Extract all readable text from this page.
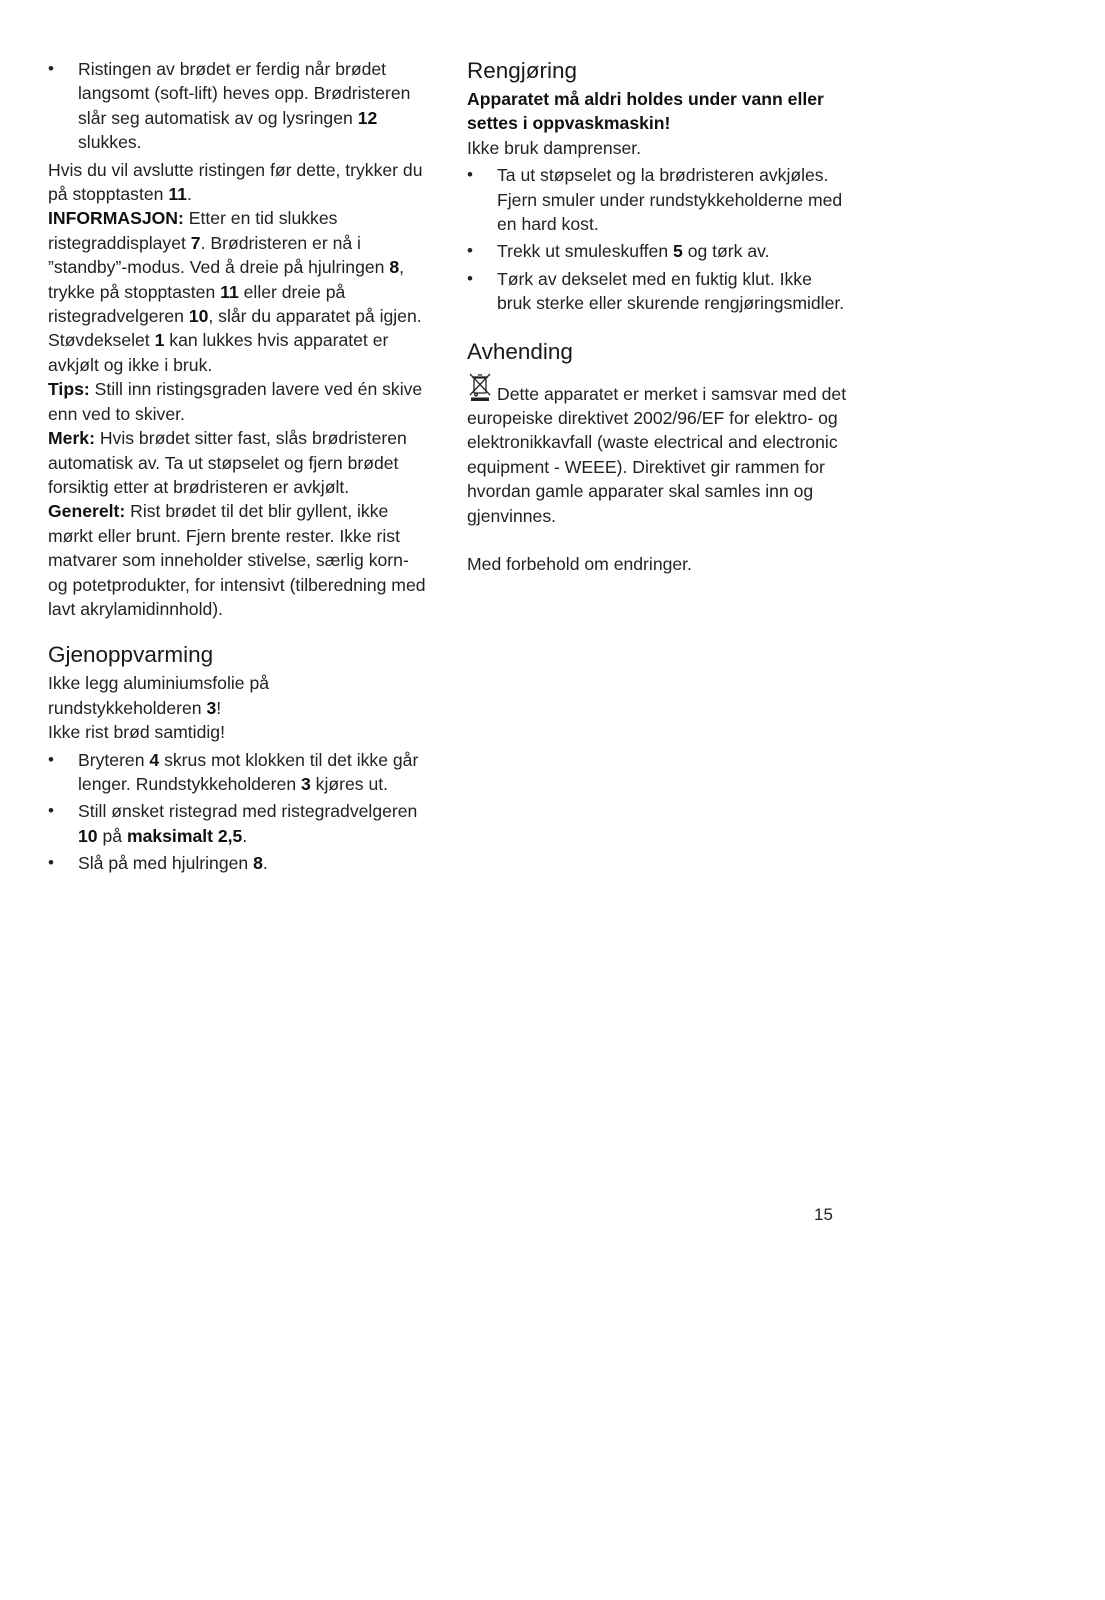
• Ristingen av brødet er ferdig når brødet langsomt (soft-lift) heves opp. Brødristeren slår seg automatisk av og lysringen 12 slukkes.

Hvis du vil avslutte ristingen før dette, trykker du på stopptasten 11.

INFORMASJON: Etter en tid slukkes ristegraddisplayet 7. Brødristeren er nå i ”standby”-modus. Ved å dreie på hjulringen 8, trykke på stopptasten 11 eller dreie på ristegradvelgeren 10, slår du apparatet på igjen.

Støvdekselet 1 kan lukkes hvis apparatet er avkjølt og ikke i bruk.

Tips: Still inn ristingsgraden lavere ved én skive enn ved to skiver.

Merk: Hvis brødet sitter fast, slås brødristeren automatisk av. Ta ut støpselet og fjern brødet forsiktig etter at brødristeren er avkjølt.

Generelt: Rist brødet til det blir gyllent, ikke mørkt eller brunt. Fjern brente rester. Ikke rist matvarer som inneholder stivelse, særlig korn- og potetprodukter, for intensivt (tilberedning med lavt akrylamidinnhold).

Gjenoppvarming

Ikke legg aluminiumsfolie på rundstykkeholderen 3!

Ikke rist brød samtidig!

• Bryteren 4 skrus mot klokken til det ikke går lenger. Rundstykkeholderen 3 kjøres ut.
• Still ønsket ristegrad med ristegradvelgeren 10 på maksimalt 2,5.
• Slå på med hjulringen 8.
Rengjøring

Apparatet må aldri holdes under vann eller settes i oppvaskmaskin!

Ikke bruk damprenser.

• Ta ut støpselet og la brødristeren avkjøles. Fjern smuler under rundstykkeholderne med en hard kost.
• Trekk ut smuleskuffen 5 og tørk av.
• Tørk av dekselet med en fuktig klut. Ikke bruk sterke eller skurende rengjøringsmidler.
Avhending

Dette apparatet er merket i samsvar med det europeiske direktivet 2002/96/EF for elektro- og elektronikkavfall (waste electrical and electronic equipment - WEEE). Direktivet gir rammen for hvordan gamle apparater skal samles inn og gjenvinnes.

Med forbehold om endringer.

15
